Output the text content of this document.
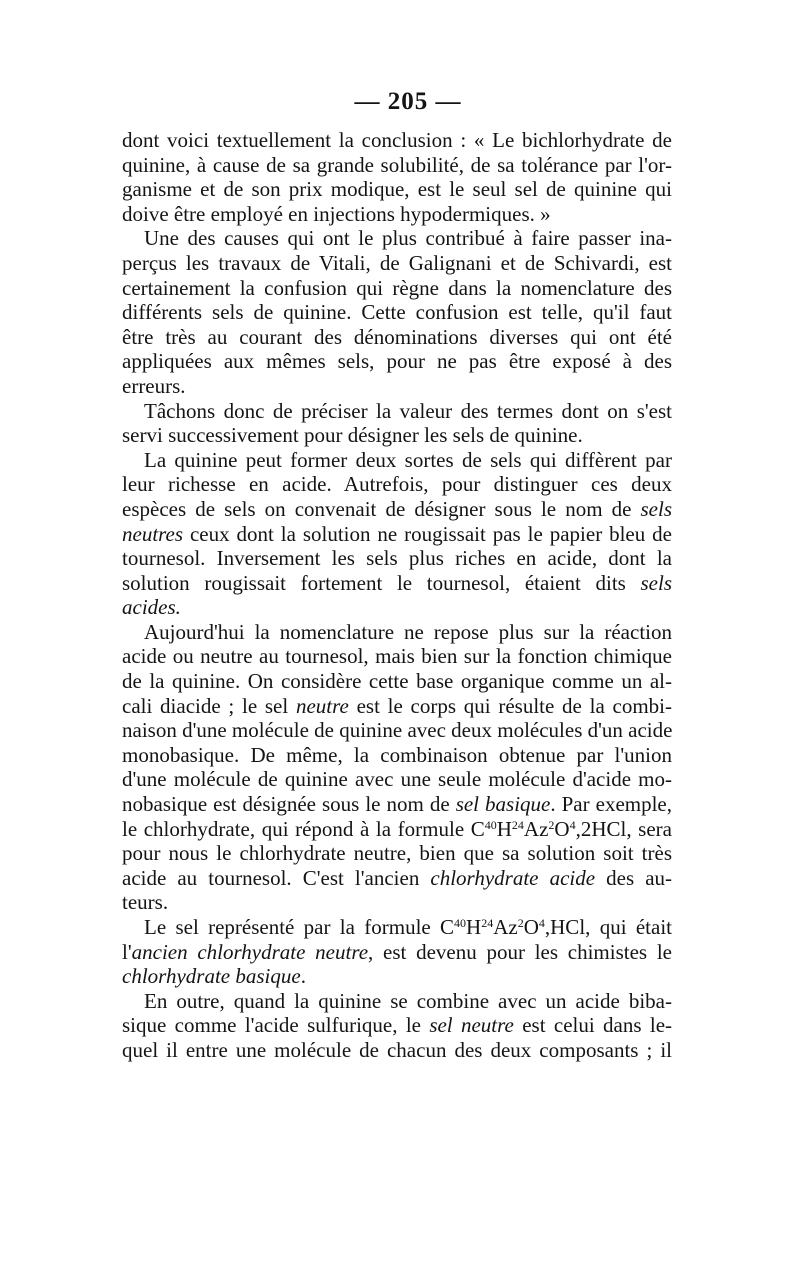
— 205 —
dont voici textuellement la conclusion : « Le bichlorhydrate de
quinine, à cause de sa grande solubilité, de sa tolérance par l'or-
ganisme et de son prix modique, est le seul sel de quinine qui
doive être employé en injections hypodermiques. »
Une des causes qui ont le plus contribué à faire passer ina-
perçus les travaux de Vitali, de Galignani et de Schivardi, est
certainement la confusion qui règne dans la nomenclature des
différents sels de quinine. Cette confusion est telle, qu'il faut
être très au courant des dénominations diverses qui ont été
appliquées aux mêmes sels, pour ne pas être exposé à des
erreurs.
Tâchons donc de préciser la valeur des termes dont on s'est
servi successivement pour désigner les sels de quinine.
La quinine peut former deux sortes de sels qui diffèrent par
leur richesse en acide. Autrefois, pour distinguer ces deux
espèces de sels on convenait de désigner sous le nom de sels
neutres ceux dont la solution ne rougissait pas le papier bleu de
tournesol. Inversement les sels plus riches en acide, dont la
solution rougissait fortement le tournesol, étaient dits sels
acides.
Aujourd'hui la nomenclature ne repose plus sur la réaction
acide ou neutre au tournesol, mais bien sur la fonction chimique
de la quinine. On considère cette base organique comme un al-
cali diacide ; le sel neutre est le corps qui résulte de la combi-
naison d'une molécule de quinine avec deux molécules d'un acide
monobasique. De même, la combinaison obtenue par l'union
d'une molécule de quinine avec une seule molécule d'acide mo-
nobasique est désignée sous le nom de sel basique. Par exemple,
le chlorhydrate, qui répond à la formule $C^{40}H^{24}Az^2O^4,2HCl$, sera
pour nous le chlorhydrate neutre, bien que sa solution soit très
acide au tournesol. C'est l'ancien chlorhydrate acide des au-
teurs.
Le sel représenté par la formule $C^{40}H^{24}Az^2O^4,HCl$, qui était
l'ancien chlorhydrate neutre, est devenu pour les chimistes le
chlorhydrate basique.
En outre, quand la quinine se combine avec un acide biba-
sique comme l'acide sulfurique, le sel neutre est celui dans le-
quel il entre une molécule de chacun des deux composants ; il
